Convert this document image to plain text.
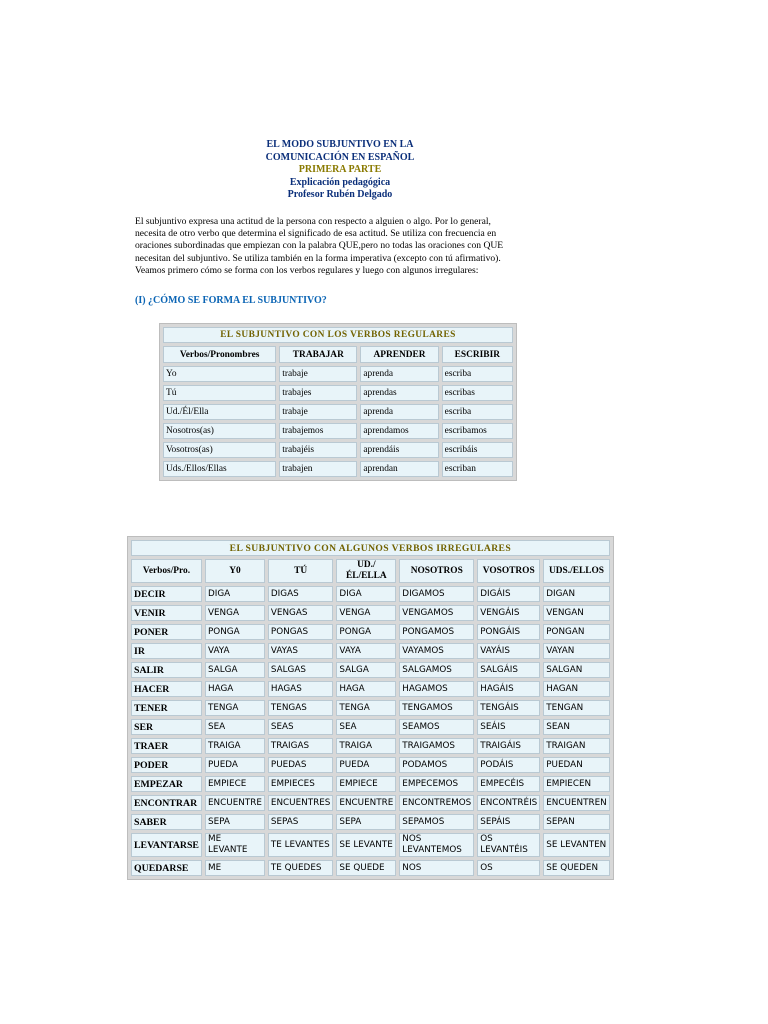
EL MODO SUBJUNTIVO EN LA
COMUNICACIÓN EN ESPAÑOL
PRIMERA PARTE
Explicación pedagógica
Profesor Rubén Delgado

El subjuntivo expresa una actitud de la persona con respecto a alguien o algo. Por lo general,

necesita de otro verbo que determina el significado de esa actitud. Se utiliza con frecuencia en

oraciones subordinadas que empiezan con la palabra QUE,pero no todas las oraciones con QUE

necesitan del subjuntivo. Se utiliza también en la forma imperativa (excepto con tú afirmativo).

Veamos primero cómo se forma con los verbos regulares y luego con algunos irregulares:

(I) ¿CÓMO SE FORMA EL SUBJUNTIVO?
EL SUBJUNTIVO CON LOS VERBOS REGULARES			
Verbos/Pronombres	TRABAJAR	APRENDER	ESCRIBIR
Yo	trabaje	aprenda	escriba
Tú	trabajes	aprendas	escribas
Ud./Él/Ella	trabaje	aprenda	escriba
Nosotros(as)	trabajemos	aprendamos	escribamos
Vosotros(as)	trabajéis	aprendáis	escribáis
Uds./Ellos/Ellas	trabajen	aprendan	escriban
EL SUBJUNTIVO CON ALGUNOS VERBOS IRREGULARES						
Verbos/Pro.	Y0	TÚ	UD./ÉL/ELLA	NOSOTROS	VOSOTROS	UDS./ELLOS
DECIR	DIGA	DIGAS	DIGA	DIGAMOS	DIGÁIS	DIGAN
VENIR	VENGA	VENGAS	VENGA	VENGAMOS	VENGÁIS	VENGAN
PONER	PONGA	PONGAS	PONGA	PONGAMOS	PONGÁIS	PONGAN
IR	VAYA	VAYAS	VAYA	VAYAMOS	VAYÁIS	VAYAN
SALIR	SALGA	SALGAS	SALGA	SALGAMOS	SALGÁIS	SALGAN
HACER	HAGA	HAGAS	HAGA	HAGAMOS	HAGÁIS	HAGAN
TENER	TENGA	TENGAS	TENGA	TENGAMOS	TENGÁIS	TENGAN
SER	SEA	SEAS	SEA	SEAMOS	SEÁIS	SEAN
TRAER	TRAIGA	TRAIGAS	TRAIGA	TRAIGAMOS	TRAIGÁIS	TRAIGAN
PODER	PUEDA	PUEDAS	PUEDA	PODAMOS	PODÁIS	PUEDAN
EMPEZAR	EMPIECE	EMPIECES	EMPIECE	EMPECEMOS	EMPECÉIS	EMPIECEN
ENCONTRAR	ENCUENTRE	ENCUENTRES	ENCUENTRE	ENCONTREMOS	ENCONTRÉIS	ENCUENTREN
SABER	SEPA	SEPAS	SEPA	SEPAMOS	SEPÁIS	SEPAN
LEVANTARSE	ME LEVANTE	TE LEVANTES	SE LEVANTE	NOS LEVANTEMOS	OS LEVANTÉIS	SE LEVANTEN
QUEDARSE	ME	TE QUEDES	SE QUEDE	NOS	OS	SE QUEDEN
